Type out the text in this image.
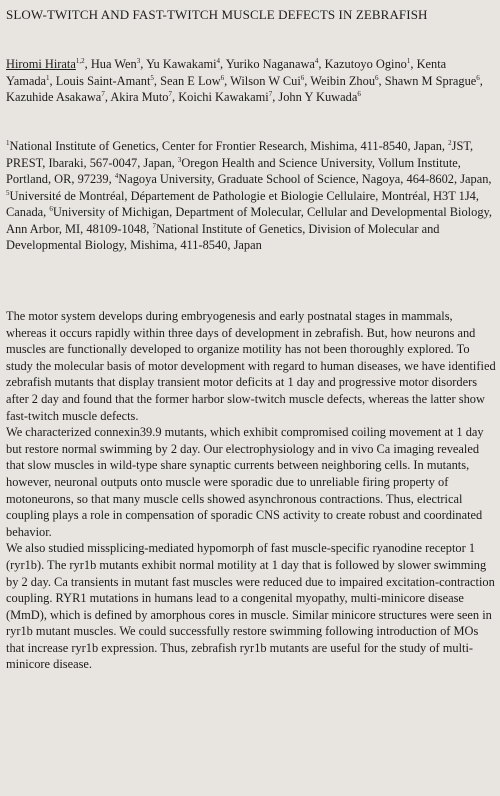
SLOW-TWITCH AND FAST-TWITCH MUSCLE DEFECTS IN ZEBRAFISH
Hiromi Hirata$^{1,2}$, Hua Wen$^3$, Yu Kawakami$^4$, Yuriko Naganawa$^4$, Kazutoyo Ogino$^1$, Kenta Yamada$^1$, Louis Saint-Amant$^5$, Sean E Low$^6$, Wilson W Cui$^6$, Weibin Zhou$^6$, Shawn M Sprague$^6$, Kazuhide Asakawa$^7$, Akira Muto$^7$, Koichi Kawakami$^7$, John Y Kuwada$^6$
$^1$National Institute of Genetics, Center for Frontier Research, Mishima, 411-8540, Japan, $^2$JST, PREST, Ibaraki, 567-0047, Japan, $^3$Oregon Health and Science University, Vollum Institute, Portland, OR, 97239, $^4$Nagoya University, Graduate School of Science, Nagoya, 464-8602, Japan, $^5$Université de Montréal, Département de Pathologie et Biologie Cellulaire, Montréal, H3T 1J4, Canada, $^6$University of Michigan, Department of Molecular, Cellular and Developmental Biology, Ann Arbor, MI, 48109-1048, $^7$National Institute of Genetics, Division of Molecular and Developmental Biology, Mishima, 411-8540, Japan

The motor system develops during embryogenesis and early postnatal stages in mammals, whereas it occurs rapidly within three days of development in zebrafish. But, how neurons and muscles are functionally developed to organize motility has not been thoroughly explored. To study the molecular basis of motor development with regard to human diseases, we have identified zebrafish mutants that display transient motor deficits at 1 day and progressive motor disorders after 2 day and found that the former harbor slow-twitch muscle defects, whereas the latter show fast-twitch muscle defects.

We characterized connexin39.9 mutants, which exhibit compromised coiling movement at 1 day but restore normal swimming by 2 day. Our electrophysiology and in vivo Ca imaging revealed that slow muscles in wild-type share synaptic currents between neighboring cells. In mutants, however, neuronal outputs onto muscle were sporadic due to unreliable firing property of motoneurons, so that many muscle cells showed asynchronous contractions. Thus, electrical coupling plays a role in compensation of sporadic CNS activity to create robust and coordinated behavior.

We also studied missplicing-mediated hypomorph of fast muscle-specific ryanodine receptor 1 (ryr1b). The ryr1b mutants exhibit normal motility at 1 day that is followed by slower swimming by 2 day. Ca transients in mutant fast muscles were reduced due to impaired excitation-contraction coupling. RYR1 mutations in humans lead to a congenital myopathy, multi-minicore disease (MmD), which is defined by amorphous cores in muscle. Similar minicore structures were seen in ryr1b mutant muscles. We could successfully restore swimming following introduction of MOs that increase ryr1b expression. Thus, zebrafish ryr1b mutants are useful for the study of multi-minicore disease.
